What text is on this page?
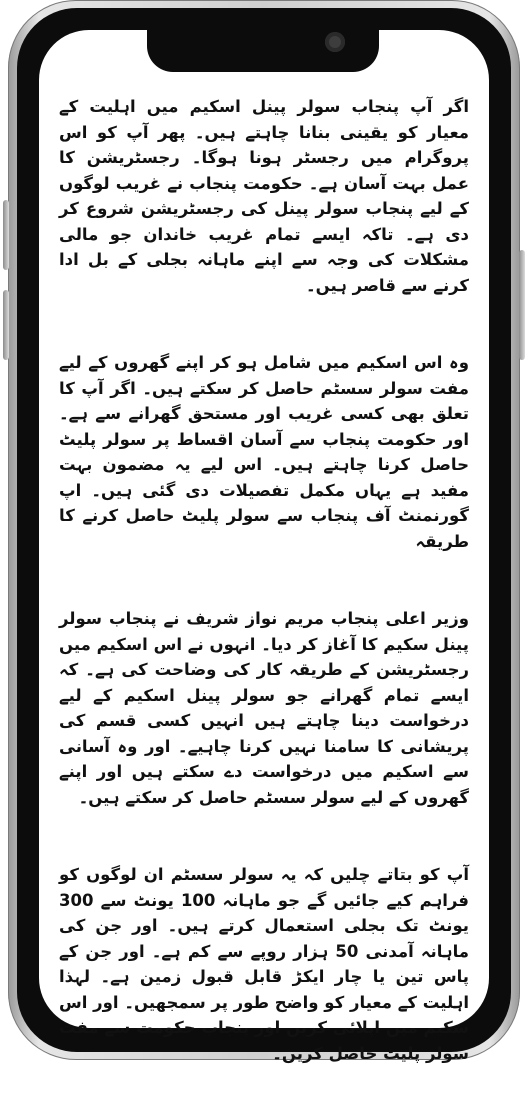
اگر آپ پنجاب سولر پینل اسکیم میں اہلیت کے معیار کو یقینی بنانا چاہتے ہیں۔ پھر آپ کو اس پروگرام میں رجسٹر ہونا ہوگا۔ رجسٹریشن کا عمل بہت آسان ہے۔ حکومت پنجاب نے غریب لوگوں کے لیے پنجاب سولر پینل کی رجسٹریشن شروع کر دی ہے۔ تاکہ ایسے تمام غریب خاندان جو مالی مشکلات کی وجہ سے اپنے ماہانہ بجلی کے بل ادا کرنے سے قاصر ہیں۔

وہ اس اسکیم میں شامل ہو کر اپنے گھروں کے لیے مفت سولر سسٹم حاصل کر سکتے ہیں۔ اگر آپ کا تعلق بھی کسی غریب اور مستحق گھرانے سے ہے۔ اور حکومت پنجاب سے آسان اقساط پر سولر پلیٹ حاصل کرنا چاہتے ہیں۔ اس لیے یہ مضمون بہت مفید ہے یہاں مکمل تفصیلات دی گئی ہیں۔ اپ گورنمنٹ آف پنجاب سے سولر پلیٹ حاصل کرنے کا طریقہ

وزیر اعلی پنجاب مریم نواز شریف نے پنجاب سولر پینل سکیم کا آغاز کر دیا۔ انہوں نے اس اسکیم میں رجسٹریشن کے طریقہ کار کی وضاحت کی ہے۔ کہ ایسے تمام گھرانے جو سولر پینل اسکیم کے لیے درخواست دینا چاہتے ہیں انہیں کسی قسم کی پریشانی کا سامنا نہیں کرنا چاہیے۔ اور وہ آسانی سے اسکیم میں درخواست دے سکتے ہیں اور اپنے گھروں کے لیے سولر سسٹم حاصل کر سکتے ہیں۔

آپ کو بتاتے چلیں کہ یہ سولر سسٹم ان لوگوں کو فراہم کیے جائیں گے جو ماہانہ 100 یونٹ سے 300 یونٹ تک بجلی استعمال کرتے ہیں۔ اور جن کی ماہانہ آمدنی 50 ہزار روپے سے کم ہے۔ اور جن کے پاس تین یا چار ایکڑ قابل قبول زمین ہے۔ لہذا اہلیت کے معیار کو واضح طور پر سمجھیں۔ اور اس سکیم میں اپلائی کریں اور پنجاب حکومت سے مفت سولر پلیٹ حاصل کریں۔
